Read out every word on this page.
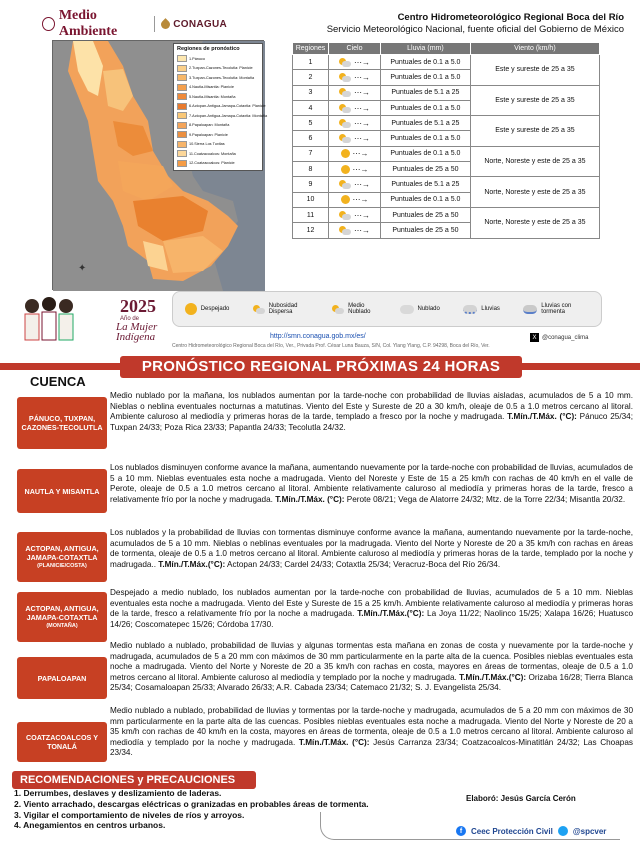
Medio Ambiente	CONAGUA
Centro Hidrometeorológico Regional Boca del Río
Servicio Meteorológico Nacional, fuente oficial del Gobierno de México
✦
Regiones de pronóstico
1.Pánuco
2.Tuxpan-Cazones-Tecolutla: Planicie
3.Tuxpan-Cazones-Tecolutla: Montaña
4.Nautla-Misantla: Planicie
5.Nautla-Misantla: Montaña
6.Actopan-Antigua-Jamapa-Cotaxtla: Planicie
7.Actopan-Antigua-Jamapa-Cotaxtla: Montaña
8.Papaloapan: Montaña
9.Papaloapan: Planicie
10.Sierra Los Tuxtlas
11.Coatzacoalcos: Montaña
12.Coatzacoalcos: Planicie
Regiones	Cielo	Lluvia (mm)	Viento (km/h)
1	⋯→	Puntuales de 0.1 a 5.0	Este y sureste de 25 a 35
2	⋯→	Puntuales de 0.1 a 5.0	
3	⋯→	Puntuales de 5.1 a 25	Este y sureste de 25 a 35
4	⋯→	Puntuales de 0.1 a 5.0	
5	⋯→	Puntuales de 5.1 a 25	Este y sureste de 25 a 35
6	⋯→	Puntuales de 0.1 a 5.0	
7	⋯→	Puntuales de 0.1 a 5.0	Norte, Noreste y este de 25 a 35
8	⋯→	Puntuales de 25 a 50	
9	⋯→	Puntuales de 5.1 a 25	Norte, Noreste y este de 25 a 35
10	⋯→	Puntuales de 0.1 a 5.0	
11	⋯→	Puntuales de 25 a 50	Norte, Noreste y este de 25 a 35
12	⋯→	Puntuales de 25 a 50	
2025
Año de
La Mujer Indígena
Despejado	Nubosidad Dispersa
Medio Nublado	Nublado	Lluvias	Lluvias con tormenta
http://smn.conagua.gob.mx/es/	X @conagua_clima
Centro Hidrometeorológico Regional Boca del Río, Ver., Privada Prof. César Luna Bauza, S/N, Col. Ylang Ylang, C.P. 94298, Boca del Río, Ver.
PRONÓSTICO REGIONAL PRÓXIMAS 24 HORAS
CUENCA
PÁNUCO, TUXPAN, CAZONES-TECOLUTLA
Medio nublado por la mañana, los nublados aumentan por la tarde-noche con probabilidad de lluvias aisladas, acumulados de 5 a 10 mm. Nieblas o neblina eventuales nocturnas a matutinas. Viento del Este y Sureste de 20 a 30 km/h, oleaje de 0.5 a 1.0 metros cercano al litoral. Ambiente caluroso al mediodía y primeras horas de la tarde, templado a fresco por la noche y madrugada. T.Mín./T.Máx. (°C): Pánuco 25/34; Tuxpan 24/33; Poza Rica 23/33; Papantla 24/33; Tecolutla 24/32.
NAUTLA Y MISANTLA
Los nublados disminuyen conforme avance la mañana, aumentando nuevamente por la tarde-noche con probabilidad de lluvias, acumulados de 5 a 10 mm. Nieblas eventuales esta noche a madrugada. Viento del Noreste y Este de 15 a 25 km/h con rachas de 40 km/h en el valle de Perote, oleaje de 0.5 a 1.0 metros cercano al litoral. Ambiente relativamente caluroso al mediodía y primeras horas de la tarde, fresco a relativamente frío por la noche y madrugada. T.Mín./T.Máx. (°C): Perote 08/21; Vega de Alatorre 24/32; Mtz. de la Torre 22/34; Misantla 20/32.
ACTOPAN, ANTIGUA, JAMAPA-COTAXTLA
(PLANICIE/COSTA)
Los nublados y la probabilidad de lluvias con tormentas disminuye conforme avance la mañana, aumentando nuevamente por la tarde-noche, acumulados de 5 a 10 mm. Nieblas o neblinas eventuales por la madrugada. Viento del Norte y Noreste de 20 a 35 km/h con rachas en áreas de tormenta, oleaje de 0.5 a 1.0 metros cercano al litoral. Ambiente caluroso al mediodía y primeras horas de la tarde, templado por la noche y madrugada.. T.Mín./T.Máx.(°C): Actopan 24/33; Cardel 24/33; Cotaxtla 25/34; Veracruz-Boca del Río 26/34.
ACTOPAN, ANTIGUA, JAMAPA-COTAXTLA
(MONTAÑA)
Despejado a medio nublado, los nublados aumentan por la tarde-noche con probabilidad de lluvias, acumulados de 5 a 10 mm. Nieblas eventuales esta noche a madrugada. Viento del Este y Sureste de 15 a 25 km/h. Ambiente relativamente caluroso al mediodía y primeras horas de la tarde, fresco a relativamente frío por la noche a madrugada. T.Mín./T.Máx.(°C): La Joya 11/22; Naolinco 15/25; Xalapa 16/26; Huatusco 14/26; Coscomatepec 15/26; Córdoba 17/30.
PAPALOAPAN
Medio nublado a nublado, probabilidad de lluvias y algunas tormentas esta mañana en zonas de costa y nuevamente por la tarde-noche y madrugada, acumulados de 5 a 20 mm con máximos de 30 mm particularmente en la parte alta de la cuenca. Posibles nieblas eventuales esta noche a madrugada. Viento del Norte y Noreste de 20 a 35 km/h con rachas en costa, mayores en áreas de tormentas, oleaje de 0.5 a 1.0 metros cercano al litoral. Ambiente caluroso al mediodía y templado por la noche y madrugada. T.Mín./T.Máx.(°C): Orizaba 16/28; Tierra Blanca 25/34; Cosamaloapan 25/33; Alvarado 26/33; A.R. Cabada 23/34; Catemaco 21/32; S. J. Evangelista 25/34.
COATZACOALCOS Y TONALÁ
Medio nublado a nublado, probabilidad de lluvias y tormentas por la tarde-noche y madrugada, acumulados de 5 a 20 mm con máximos de 30 mm particularmente en la parte alta de las cuencas. Posibles nieblas eventuales esta noche a madrugada. Viento del Norte y Noreste de 20 a 35 km/h con rachas de 40 km/h en la costa, mayores en áreas de tormenta, oleaje de 0.5 a 1.0 metros cercano al litoral. Ambiente caluroso al mediodía y templado por la noche y madrugada. T.Mín./T.Máx. (°C): Jesús Carranza 23/34; Coatzacoalcos-Minatitlán 24/32; Las Choapas 23/34.
RECOMENDACIONES y PRECAUCIONES
1. Derrumbes, deslaves y deslizamiento de laderas.
2. Viento arrachado, descargas eléctricas o granizadas en probables áreas de tormenta.
3. Vigilar el comportamiento de niveles de ríos y arroyos.
4. Anegamientos en centros urbanos.
Elaboró: Jesús García Cerón
f	Ceec Protección Civil	@spcver
